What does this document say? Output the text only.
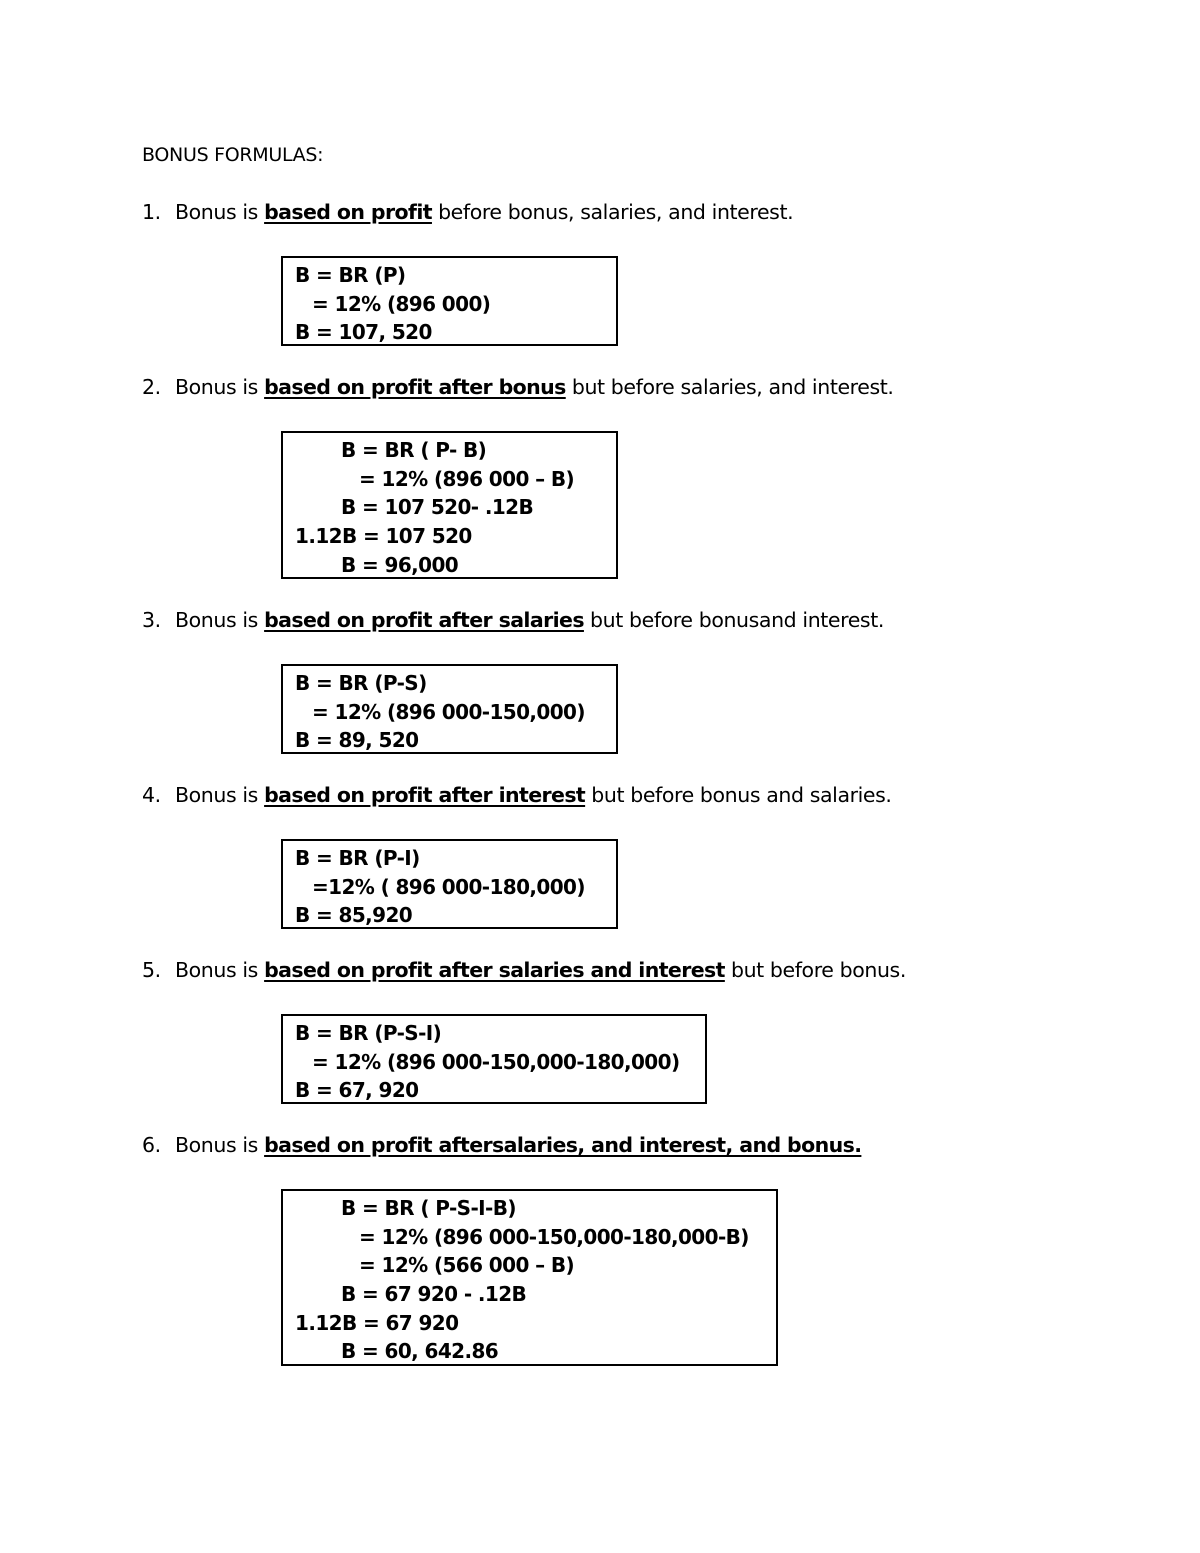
BONUS FORMULAS:
1. Bonus is based on profit before bonus, salaries, and interest.
B = BR (P)
= 12% (896 000)
B = 107, 520
2. Bonus is based on profit after bonus but before salaries, and interest.
B = BR ( P- B)
= 12% (896 000 – B)
B = 107 520- .12B
1.12B = 107 520
B = 96,000
3. Bonus is based on profit after salaries but before bonusand interest.
B = BR (P-S)
= 12% (896 000-150,000)
B = 89, 520
4. Bonus is based on profit after interest but before bonus and salaries.
B = BR (P-I)
=12% ( 896 000-180,000)
B = 85,920
5. Bonus is based on profit after salaries and interest but before bonus.
B = BR (P-S-I)
= 12% (896 000-150,000-180,000)
B = 67, 920
6. Bonus is based on profit aftersalaries, and interest, and bonus.
B = BR ( P-S-I-B)
= 12% (896 000-150,000-180,000-B)
= 12% (566 000 – B)
B = 67 920 - .12B
1.12B = 67 920
B = 60, 642.86
